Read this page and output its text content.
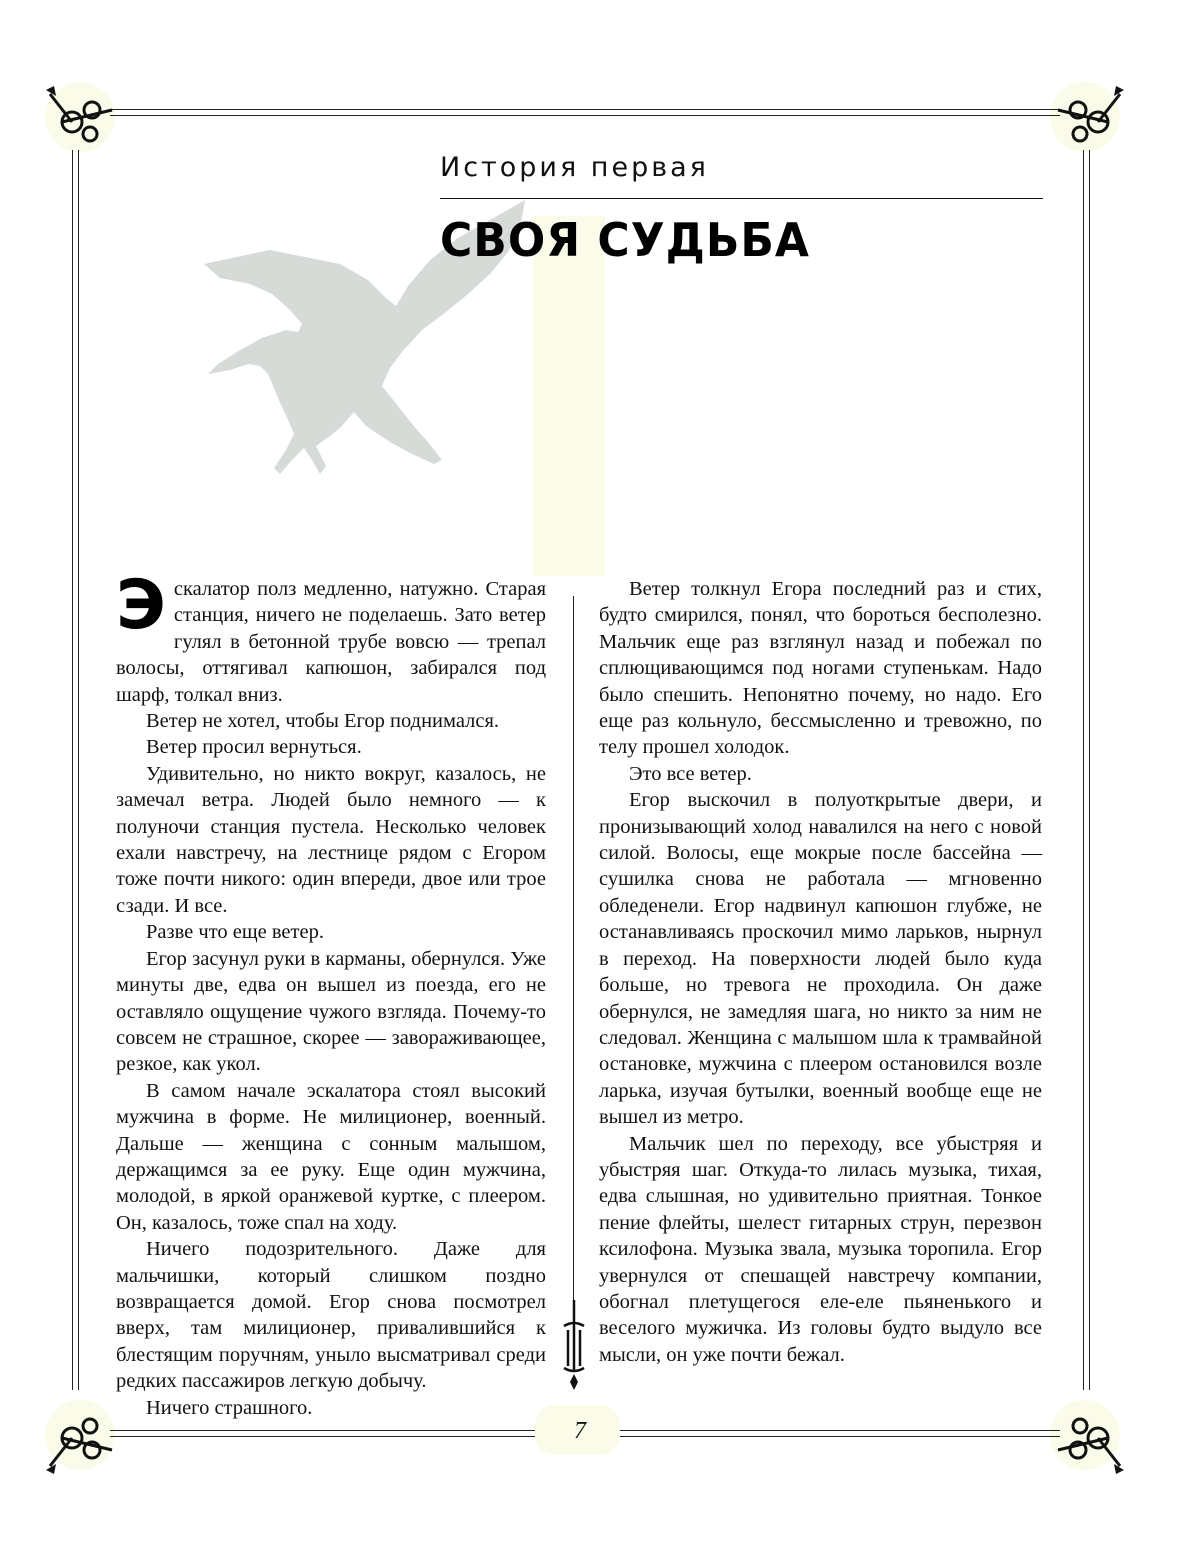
История первая
СВОЯ СУДЬБА

Эскалатор полз медленно, натужно. Старая станция, ничего не поделаешь. Зато ветер гулял в бетонной трубе вовсю — трепал волосы, оттягивал капюшон, забирался под шарф, толкал вниз.

Ветер не хотел, чтобы Егор поднимался.

Ветер просил вернуться.

Удивительно, но никто вокруг, казалось, не замечал ветра. Людей было немного — к полуночи станция пустела. Несколько человек ехали навстречу, на лестнице рядом с Егором тоже почти никого: один впереди, двое или трое сзади. И все.

Разве что еще ветер.

Егор засунул руки в карманы, обернулся. Уже минуты две, едва он вышел из поезда, его не оставляло ощущение чужого взгляда. Почему-то совсем не страшное, скорее — завораживающее, резкое, как укол.

В самом начале эскалатора стоял высокий мужчина в форме. Не милиционер, военный. Дальше — женщина с сонным малышом, держащимся за ее руку. Еще один мужчина, молодой, в яркой оранжевой куртке, с плеером. Он, казалось, тоже спал на ходу.

Ничего подозрительного. Даже для мальчишки, который слишком поздно возвращается домой. Егор снова посмотрел вверх, там милиционер, привалившийся к блестящим поручням, уныло высматривал среди редких пассажиров легкую добычу.

Ничего страшного.

Ветер толкнул Егора последний раз и стих, будто смирился, понял, что бороться бесполезно. Мальчик еще раз взглянул назад и побежал по сплющивающимся под ногами ступенькам. Надо было спешить. Непонятно почему, но надо. Его еще раз кольнуло, бессмысленно и тревожно, по телу прошел холодок.

Это все ветер.

Егор выскочил в полуоткрытые двери, и пронизывающий холод навалился на него с новой силой. Волосы, еще мокрые после бассейна — сушилка снова не работала — мгновенно обледенели. Егор надвинул капюшон глубже, не останавливаясь проскочил мимо ларьков, нырнул в переход. На поверхности людей было куда больше, но тревога не проходила. Он даже обернулся, не замедляя шага, но никто за ним не следовал. Женщина с малышом шла к трамвайной остановке, мужчина с плеером остановился возле ларька, изучая бутылки, военный вообще еще не вышел из метро.

Мальчик шел по переходу, все убыстряя и убыстряя шаг. Откуда-то лилась музыка, тихая, едва слышная, но удивительно приятная. Тонкое пение флейты, шелест гитарных струн, перезвон ксилофона. Музыка звала, музыка торопила. Егор увернулся от спешащей навстречу компании, обогнал плетущегося еле-еле пьяненького и веселого мужичка. Из головы будто выдуло все мысли, он уже почти бежал.

7
